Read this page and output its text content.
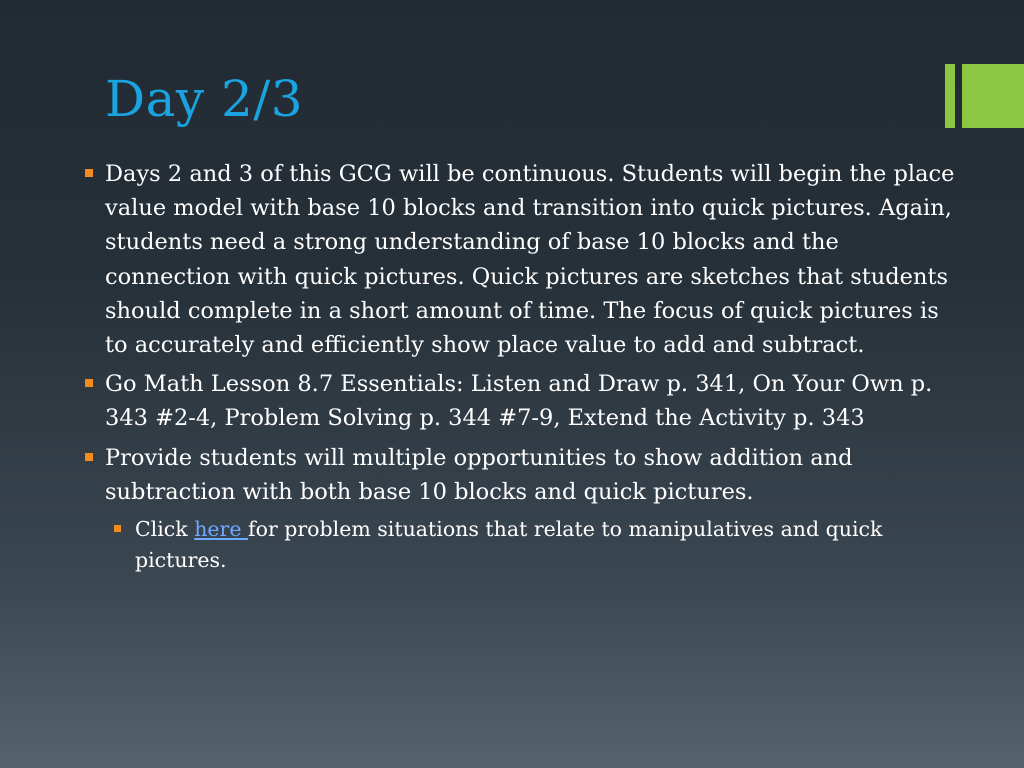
Day 2/3
Days 2 and 3 of this GCG will be continuous. Students will begin the place value model with base 10 blocks and transition into quick pictures. Again, students need a strong understanding of base 10 blocks and the connection with quick pictures. Quick pictures are sketches that students should complete in a short amount of time. The focus of quick pictures is to accurately and efficiently show place value to add and subtract.
Go Math Lesson 8.7 Essentials: Listen and Draw p. 341, On Your Own p. 343 #2-4, Problem Solving p. 344 #7-9, Extend the Activity p. 343
Provide students will multiple opportunities to show addition and subtraction with both base 10 blocks and quick pictures.
Click here for problem situations that relate to manipulatives and quick pictures.
